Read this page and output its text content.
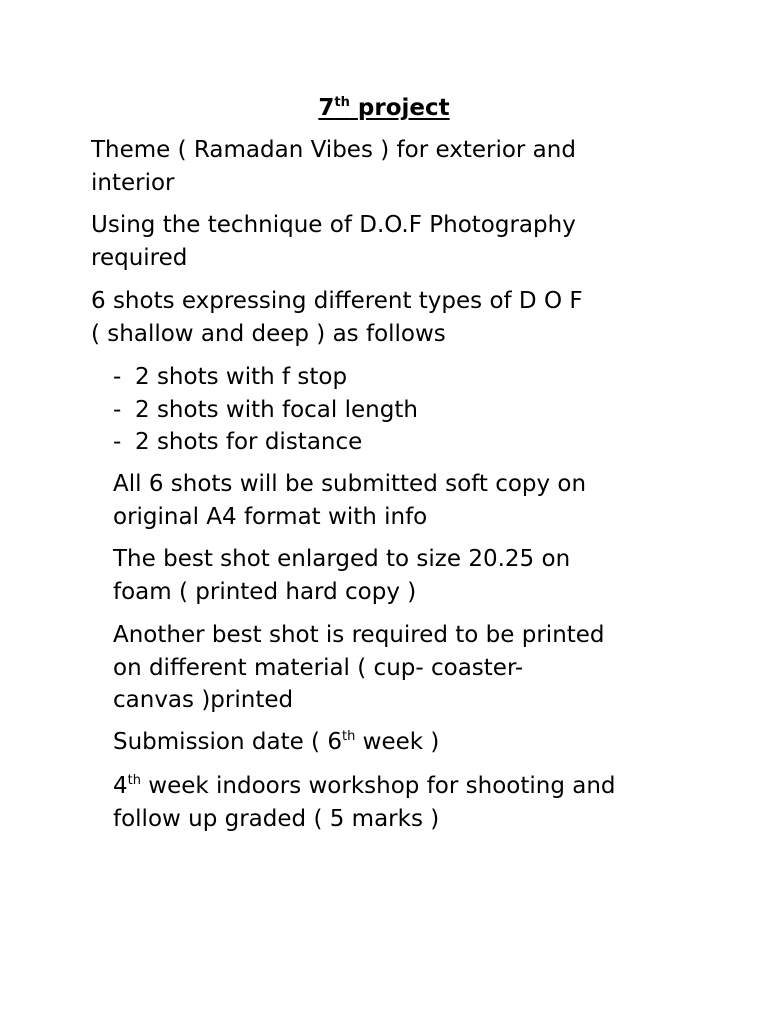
7th project

Theme ( Ramadan Vibes ) for exterior and
interior

Using the technique of D.O.F Photography
required

6 shots expressing different types of D O F
( shallow and deep ) as follows

- 2 shots with f stop
- 2 shots with focal length
- 2 shots for distance

All 6 shots will be submitted soft copy on
original A4 format with info

The best shot enlarged to size 20.25 on
foam ( printed hard copy )

Another best shot is required to be printed
on different material ( cup- coaster-
canvas )printed

Submission date ( 6th week )

4th week indoors workshop for shooting and
follow up graded ( 5 marks )
